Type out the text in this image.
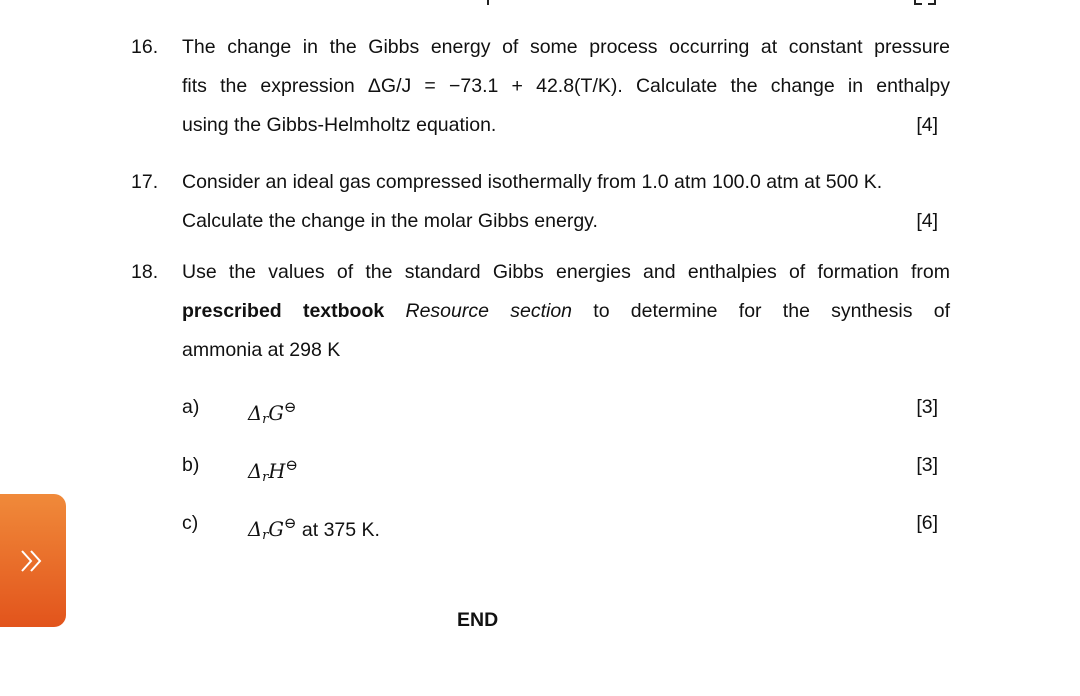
16. The change in the Gibbs energy of some process occurring at constant pressure
fits the expression ΔG/J = −73.1 + 42.8(T/K). Calculate the change in enthalpy
using the Gibbs-Helmholtz equation.	[4]
17. Consider an ideal gas compressed isothermally from 1.0 atm 100.0 atm at 500 K.
Calculate the change in the molar Gibbs energy.	[4]
18. Use the values of the standard Gibbs energies and enthalpies of formation from
prescribed textbook Resource section to determine for the synthesis of
ammonia at 298 K
a) $\Delta_rG^⊖$	[3]
b) $\Delta_rH^⊖$	[3]
c)	$\Delta_rG^⊖$ at 375 K.	[6]
END
